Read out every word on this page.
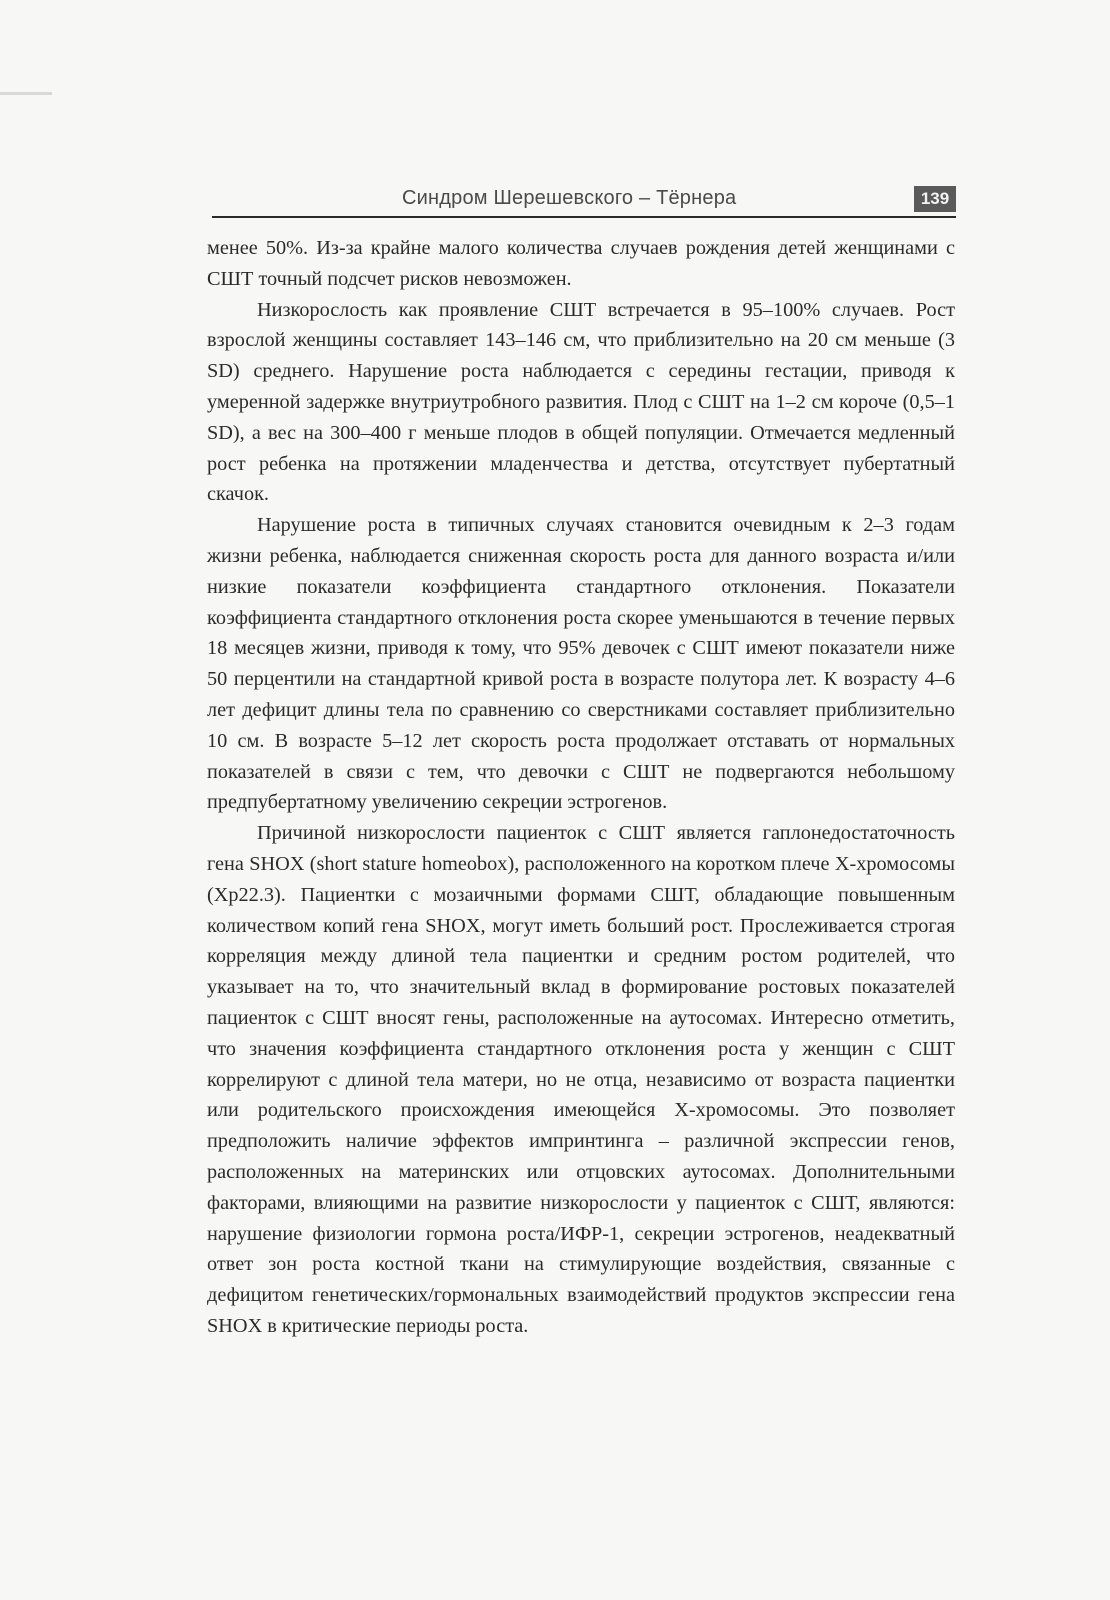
Синдром Шерешевского – Тёрнера	139

менее 50%. Из-за крайне малого количества случаев рождения детей женщинами с СШТ точный подсчет рисков невозможен.

Низкорослость как проявление СШТ встречается в 95–100% случаев. Рост взрослой женщины составляет 143–146 см, что приблизительно на 20 см меньше (3 SD) среднего. Нарушение роста наблюдается с середины гестации, приводя к умеренной задержке внутриутробного развития. Плод с СШТ на 1–2 см короче (0,5–1 SD), а вес на 300–400 г меньше плодов в общей популяции. Отмечается медленный рост ребенка на протяжении младенчества и детства, отсутствует пубертатный скачок.

Нарушение роста в типичных случаях становится очевидным к 2–3 годам жизни ребенка, наблюдается сниженная скорость роста для данного возраста и/или низкие показатели коэффициента стандартного отклонения. Показатели коэффициента стандартного отклонения роста скорее уменьшаются в течение первых 18 месяцев жизни, приводя к тому, что 95% девочек с СШТ имеют показатели ниже 50 перцентили на стандартной кривой роста в возрасте полутора лет. К возрасту 4–6 лет дефицит длины тела по сравнению со сверстниками составляет приблизительно 10 см. В возрасте 5–12 лет скорость роста продолжает отставать от нормальных показателей в связи с тем, что девочки с СШТ не подвергаются небольшому предпубертатному увеличению секреции эстрогенов.

Причиной низкорослости пациенток с СШТ является гаплонедостаточность гена SHOX (short stature homeobox), расположенного на коротком плече X-хромосомы (Xp22.3). Пациентки с мозаичными формами СШТ, обладающие повышенным количеством копий гена SHOX, могут иметь больший рост. Прослеживается строгая корреляция между длиной тела пациентки и средним ростом родителей, что указывает на то, что значительный вклад в формирование ростовых показателей пациенток с СШТ вносят гены, расположенные на аутосомах. Интересно отметить, что значения коэффициента стандартного отклонения роста у женщин с СШТ коррелируют с длиной тела матери, но не отца, независимо от возраста пациентки или родительского происхождения имеющейся X-хромосомы. Это позволяет предположить наличие эффектов импринтинга – различной экспрессии генов, расположенных на материнских или отцовских аутосомах. Дополнительными факторами, влияющими на развитие низкорослости у пациенток с СШТ, являются: нарушение физиологии гормона роста/ИФР-1, секреции эстрогенов, неадекватный ответ зон роста костной ткани на стимулирующие воздействия, связанные с дефицитом генетических/гормональных взаимодействий продуктов экспрессии гена SHOX в критические периоды роста.
